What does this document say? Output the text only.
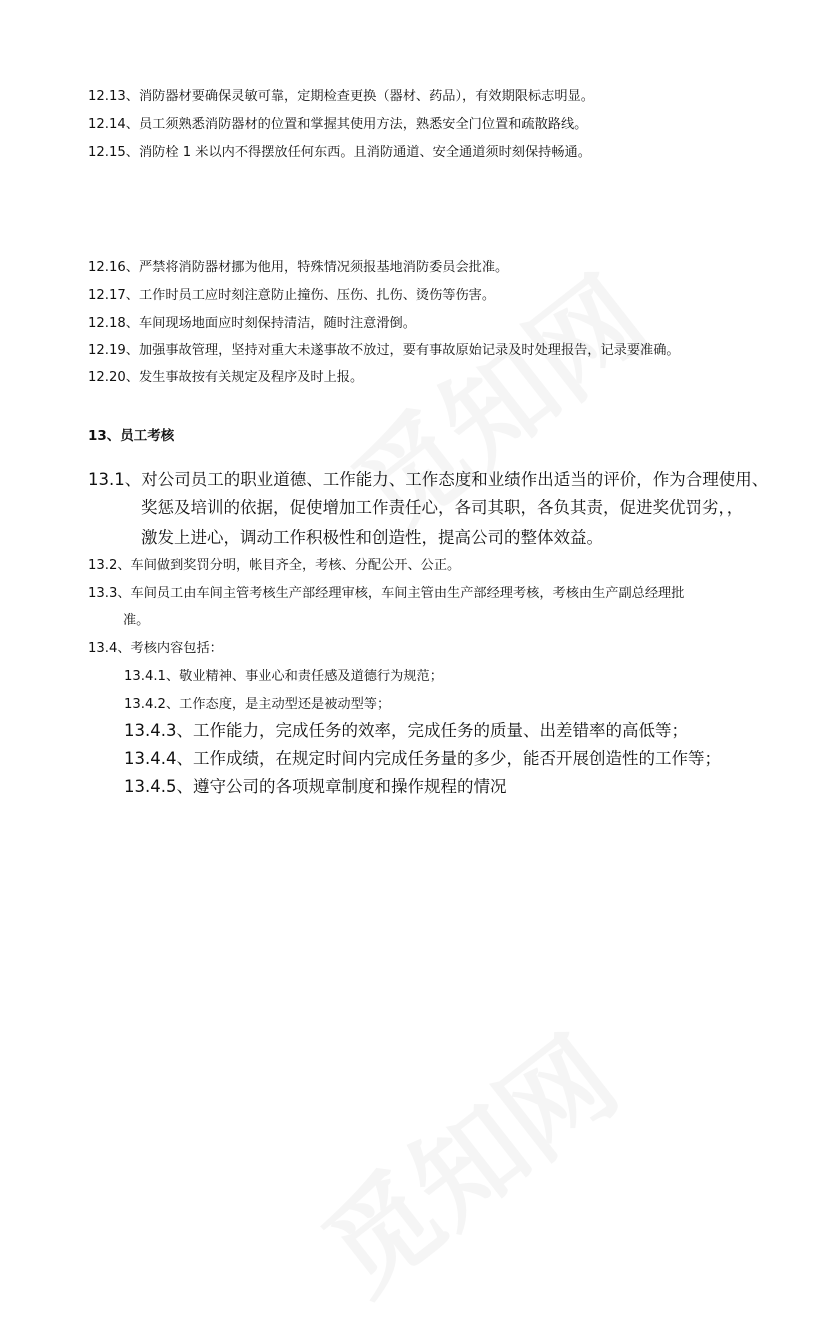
12.13、消防器材要确保灵敏可靠，定期检查更换（器材、药品），有效期限标志明显。
12.14、员工须熟悉消防器材的位置和掌握其使用方法，熟悉安全门位置和疏散路线。
12.15、消防栓 1 米以内不得摆放任何东西。且消防通道、安全通道须时刻保持畅通。
12.16、严禁将消防器材挪为他用，特殊情况须报基地消防委员会批准。
12.17、工作时员工应时刻注意防止撞伤、压伤、扎伤、烫伤等伤害。
12.18、车间现场地面应时刻保持清洁，随时注意滑倒。
12.19、加强事故管理，坚持对重大未遂事故不放过，要有事故原始记录及时处理报告，记录要准确。
12.20、发生事故按有关规定及程序及时上报。
13、员工考核
13.1、对公司员工的职业道德、工作能力、工作态度和业绩作出适当的评价，作为合理使用、
奖惩及培训的依据，促使增加工作责任心，各司其职，各负其责，促进奖优罚劣，，
激发上进心，调动工作积极性和创造性，提高公司的整体效益。
13.2、车间做到奖罚分明，帐目齐全，考核、分配公开、公正。
13.3、车间员工由车间主管考核生产部经理审核，车间主管由生产部经理考核，考核由生产副总经理批
准。
13.4、考核内容包括：
13.4.1、敬业精神、事业心和责任感及道德行为规范；
13.4.2、工作态度，是主动型还是被动型等；
13.4.3、工作能力，完成任务的效率，完成任务的质量、出差错率的高低等；
13.4.4、工作成绩，在规定时间内完成任务量的多少，能否开展创造性的工作等；
13.4.5、遵守公司的各项规章制度和操作规程的情况
